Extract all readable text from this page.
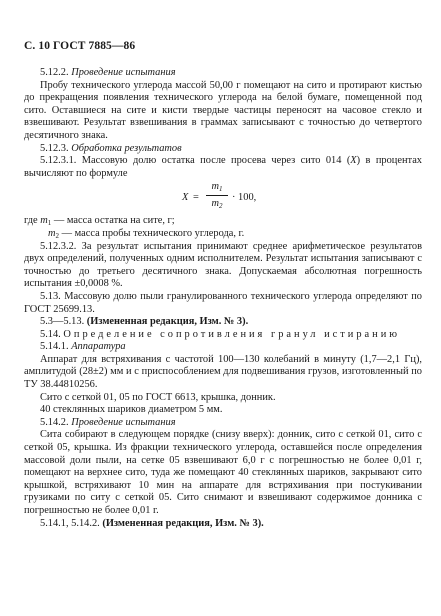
С. 10 ГОСТ 7885—86

5.12.2. Проведение испытания

Пробу технического углерода массой 50,00 г помещают на сито и протирают кистью до прекращения появления технического углерода на белой бумаге, помещенной под сито. Оставшиеся на сите и кисти твердые частицы переносят на часовое стекло и взвешивают. Результат взвешивания в граммах записывают с точностью до четвертого десятичного знака.

5.12.3. Обработка результатов

5.12.3.1. Массовую долю остатка после просева через сито 014 (X) в процентах вычисляют по формуле

X =
$m_1$
$m_2$
· 100,

где $m_1$ — масса остатка на сите, г;

$m_2$ — масса пробы технического углерода, г.

5.12.3.2. За результат испытания принимают среднее арифметическое результатов двух определений, полученных одним исполнителем. Результат испытания записывают с точностью до третьего десятичного знака. Допускаемая абсолютная погрешность испытания ±0,0008 %.

5.13. Массовую долю пыли гранулированного технического углерода определяют по ГОСТ 25699.13.

5.3—5.13. (Измененная редакция, Изм. № 3).

5.14. Определение сопротивления гранул истиранию

5.14.1. Аппаратура

Аппарат для встряхивания с частотой 100—130 колебаний в минуту (1,7—2,1 Гц), амплитудой (28±2) мм и с приспособлением для подвешивания грузов, изготовленный по ТУ 38.44810256.

Сито с сеткой 01, 05 по ГОСТ 6613, крышка, донник.

40 стеклянных шариков диаметром 5 мм.

5.14.2. Проведение испытания

Сита собирают в следующем порядке (снизу вверх): донник, сито с сеткой 01, сито с сеткой 05, крышка. Из фракции технического углерода, оставшейся после определения массовой доли пыли, на сетке 05 взвешивают 6,0 г с погрешностью не более 0,01 г, помещают на верхнее сито, туда же помещают 40 стеклянных шариков, закрывают сито крышкой, встряхивают 10 мин на аппарате для встряхивания при постукивании грузиками по ситу с сеткой 05. Сито снимают и взвешивают содержимое донника с погрешностью не более 0,01 г.

5.14.1, 5.14.2. (Измененная редакция, Изм. № 3).
